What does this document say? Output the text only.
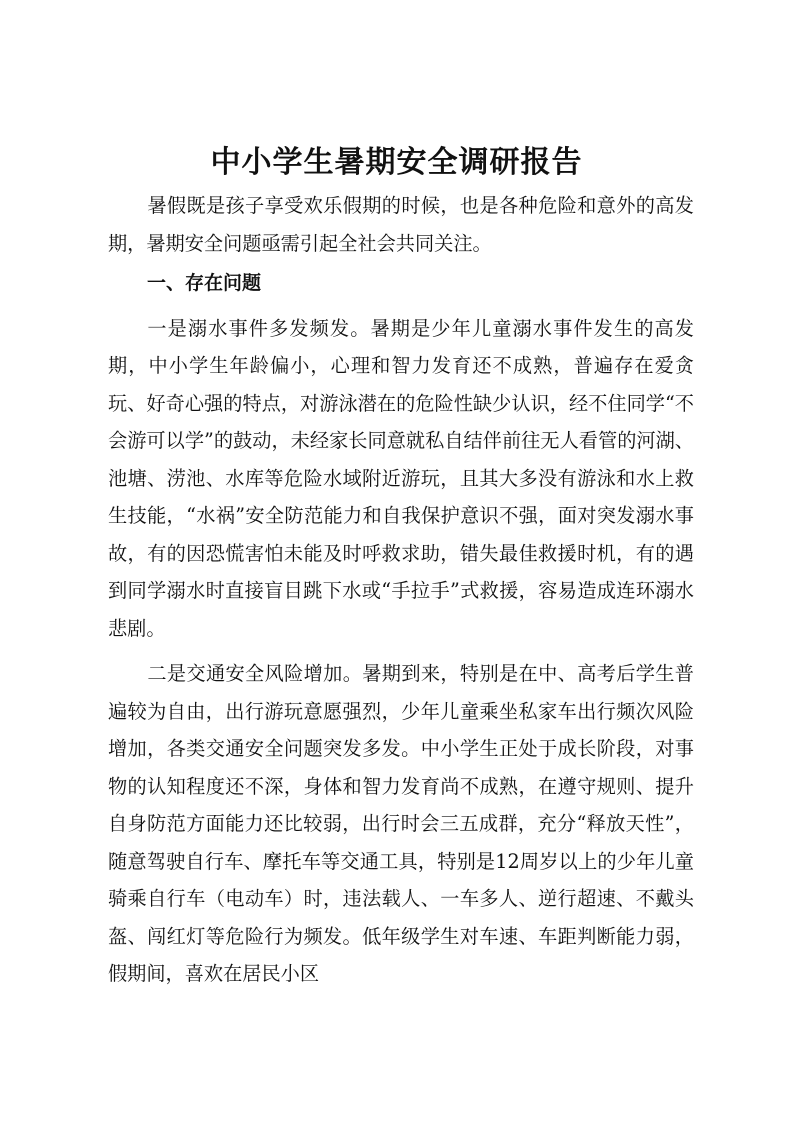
中小学生暑期安全调研报告

暑假既是孩子享受欢乐假期的时候，也是各种危险和意外的高发期，暑期安全问题亟需引起全社会共同关注。

一、存在问题

一是溺水事件多发频发。暑期是少年儿童溺水事件发生的高发期，中小学生年龄偏小，心理和智力发育还不成熟，普遍存在爱贪玩、好奇心强的特点，对游泳潜在的危险性缺少认识，经不住同学“不会游可以学”的鼓动，未经家长同意就私自结伴前往无人看管的河湖、池塘、涝池、水库等危险水域附近游玩，且其大多没有游泳和水上救生技能，“水祸”安全防范能力和自我保护意识不强，面对突发溺水事故，有的因恐慌害怕未能及时呼救求助，错失最佳救援时机，有的遇到同学溺水时直接盲目跳下水或“手拉手”式救援，容易造成连环溺水悲剧。

二是交通安全风险增加。暑期到来，特别是在中、高考后学生普遍较为自由，出行游玩意愿强烈，少年儿童乘坐私家车出行频次风险增加，各类交通安全问题突发多发。中小学生正处于成长阶段，对事物的认知程度还不深，身体和智力发育尚不成熟，在遵守规则、提升自身防范方面能力还比较弱，出行时会三五成群，充分“释放天性”，随意驾驶自行车、摩托车等交通工具，特别是12周岁以上的少年儿童骑乘自行车（电动车）时，违法载人、一车多人、逆行超速、不戴头盔、闯红灯等危险行为频发。低年级学生对车速、车距判断能力弱，假期间，喜欢在居民小区
